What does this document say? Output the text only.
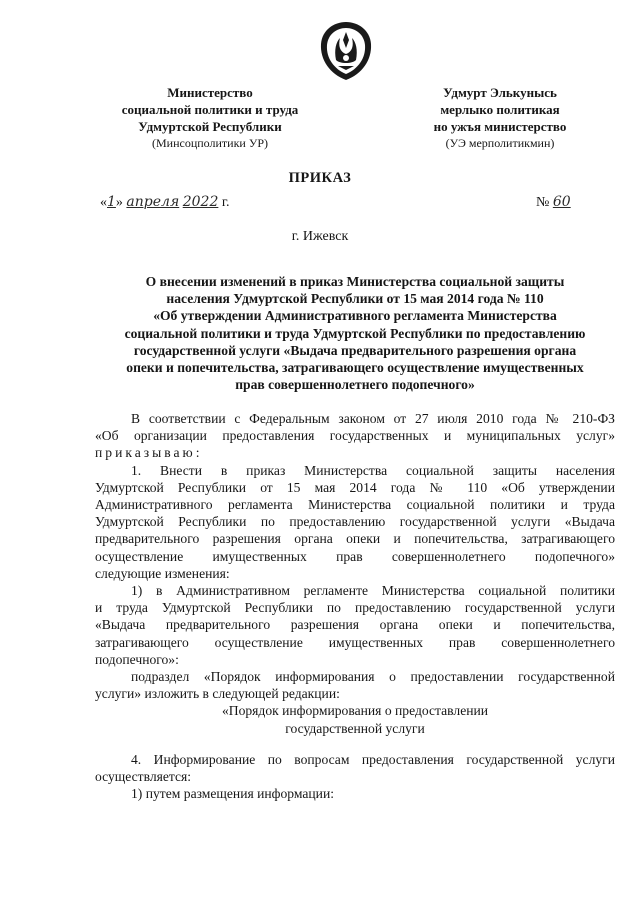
Министерство
социальной политики и труда
Удмуртской Республики
(Минсоцполитики УР)
Удмурт Элькунысь
мерлыко политикая
но ужъя министерство
(УЭ мерполитикмин)
ПРИКАЗ
«1» апреля 2022 г.	№ 60
г. Ижевск
О внесении изменений в приказ Министерства социальной защиты
населения Удмуртской Республики от 15 мая 2014 года № 110
«Об утверждении Административного регламента Министерства
социальной политики и труда Удмуртской Республики по предоставлению
государственной услуги «Выдача предварительного разрешения органа
опеки и попечительства, затрагивающего осуществление имущественных
прав совершеннолетнего подопечного»
В соответствии с Федеральным законом от 27 июля 2010 года № 210-ФЗ
«Об организации предоставления государственных и муниципальных услуг»
приказываю:
1. Внести в приказ Министерства социальной защиты населения
Удмуртской Республики от 15 мая 2014 года № 110 «Об утверждении
Административного регламента Министерства социальной политики и труда
Удмуртской Республики по предоставлению государственной услуги «Выдача
предварительного разрешения органа опеки и попечительства, затрагивающего
осуществление имущественных прав совершеннолетнего подопечного»
следующие изменения:
1) в Административном регламенте Министерства социальной политики
и труда Удмуртской Республики по предоставлению государственной услуги
«Выдача предварительного разрешения органа опеки и попечительства,
затрагивающего осуществление имущественных прав совершеннолетнего
подопечного»:
подраздел «Порядок информирования о предоставлении государственной
услуги» изложить в следующей редакции:
«Порядок информирования о предоставлении
государственной услуги
4. Информирование по вопросам предоставления государственной услуги
осуществляется:
1) путем размещения информации:
